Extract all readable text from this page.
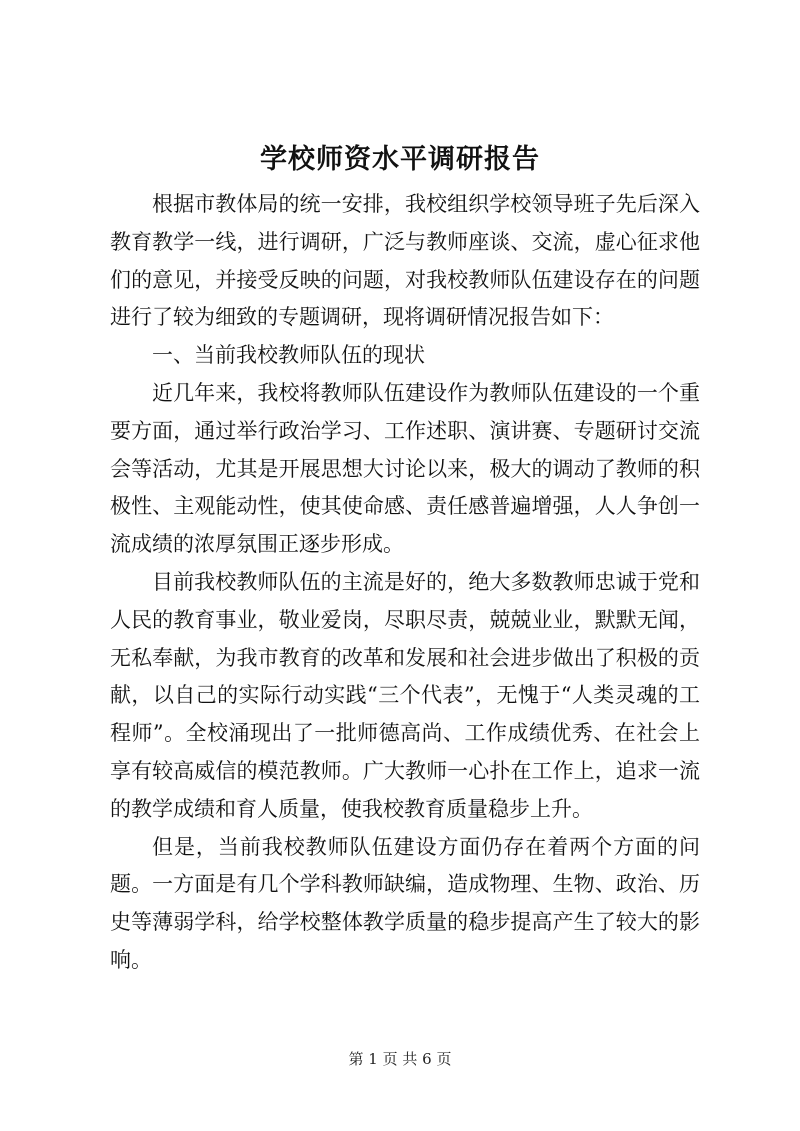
学校师资水平调研报告

根据市教体局的统一安排，我校组织学校领导班子先后深入教育教学一线，进行调研，广泛与教师座谈、交流，虚心征求他们的意见，并接受反映的问题，对我校教师队伍建设存在的问题进行了较为细致的专题调研，现将调研情况报告如下：

一、当前我校教师队伍的现状

近几年来，我校将教师队伍建设作为教师队伍建设的一个重要方面，通过举行政治学习、工作述职、演讲赛、专题研讨交流会等活动，尤其是开展思想大讨论以来，极大的调动了教师的积极性、主观能动性，使其使命感、责任感普遍增强，人人争创一流成绩的浓厚氛围正逐步形成。

目前我校教师队伍的主流是好的，绝大多数教师忠诚于党和人民的教育事业，敬业爱岗，尽职尽责，兢兢业业，默默无闻，无私奉献，为我市教育的改革和发展和社会进步做出了积极的贡献，以自己的实际行动实践“三个代表”，无愧于“人类灵魂的工程师”。全校涌现出了一批师德高尚、工作成绩优秀、在社会上享有较高威信的模范教师。广大教师一心扑在工作上，追求一流的教学成绩和育人质量，使我校教育质量稳步上升。

但是，当前我校教师队伍建设方面仍存在着两个方面的问题。一方面是有几个学科教师缺编，造成物理、生物、政治、历史等薄弱学科，给学校整体教学质量的稳步提高产生了较大的影响。

第 1 页 共 6 页
